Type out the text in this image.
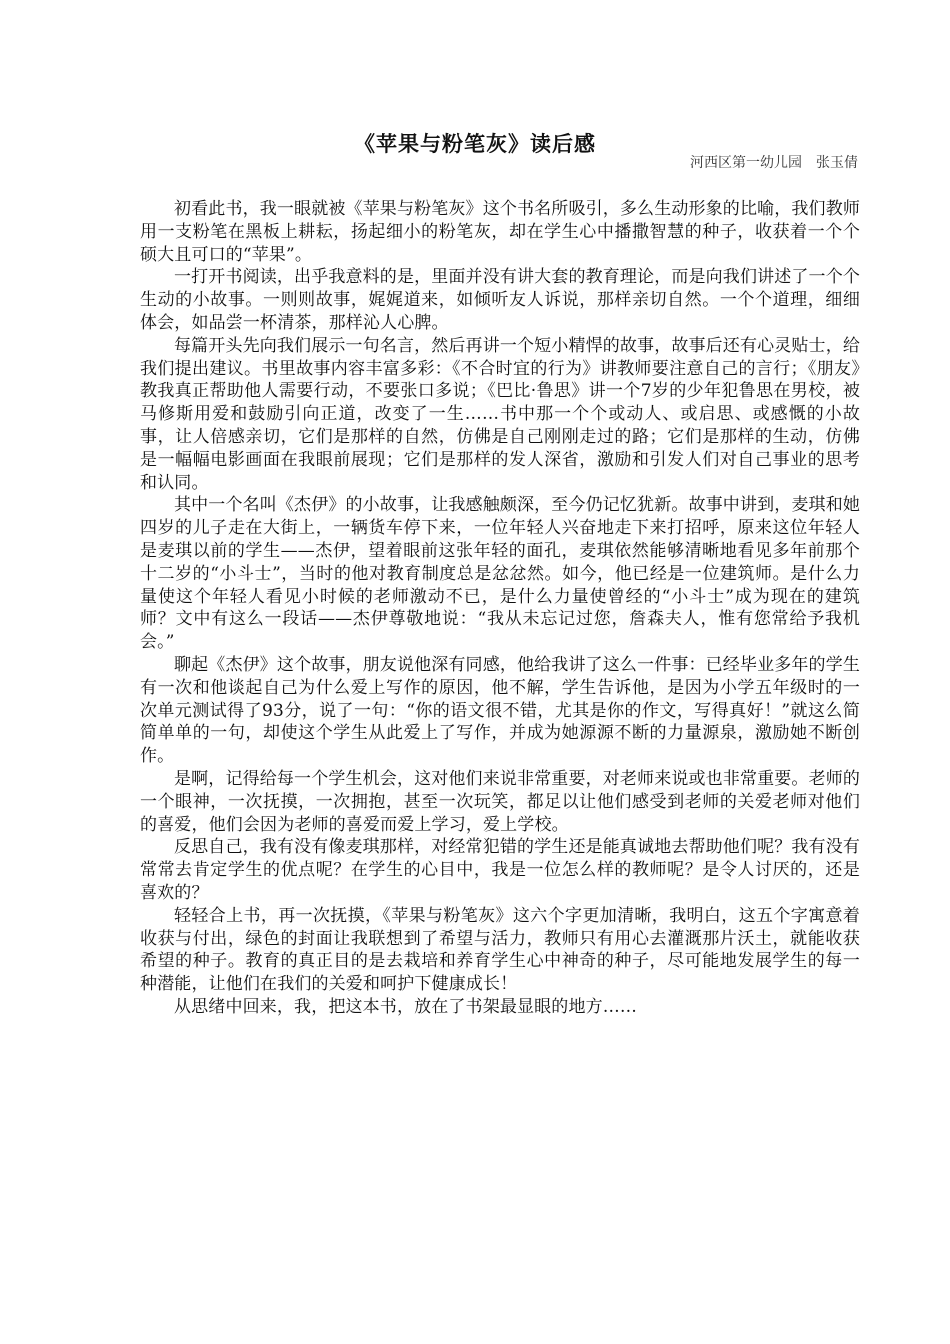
《苹果与粉笔灰》读后感

河西区第一幼儿园　张玉倩

初看此书，我一眼就被《苹果与粉笔灰》这个书名所吸引，多么生动形象的比喻，我们教师用一支粉笔在黑板上耕耘，扬起细小的粉笔灰，却在学生心中播撒智慧的种子，收获着一个个硕大且可口的“苹果”。

一打开书阅读，出乎我意料的是，里面并没有讲大套的教育理论，而是向我们讲述了一个个生动的小故事。一则则故事，娓娓道来，如倾听友人诉说，那样亲切自然。一个个道理，细细体会，如品尝一杯清茶，那样沁人心脾。

每篇开头先向我们展示一句名言，然后再讲一个短小精悍的故事，故事后还有心灵贴士，给我们提出建议。书里故事内容丰富多彩：《不合时宜的行为》讲教师要注意自己的言行；《朋友》教我真正帮助他人需要行动，不要张口多说；《巴比·鲁思》讲一个7岁的少年犯鲁思在男校，被马修斯用爱和鼓励引向正道，改变了一生……书中那一个个或动人、或启思、或感慨的小故事，让人倍感亲切，它们是那样的自然，仿佛是自己刚刚走过的路；它们是那样的生动，仿佛是一幅幅电影画面在我眼前展现；它们是那样的发人深省，激励和引发人们对自己事业的思考和认同。

其中一个名叫《杰伊》的小故事，让我感触颇深，至今仍记忆犹新。故事中讲到，麦琪和她四岁的儿子走在大街上，一辆货车停下来，一位年轻人兴奋地走下来打招呼，原来这位年轻人是麦琪以前的学生——杰伊，望着眼前这张年轻的面孔，麦琪依然能够清晰地看见多年前那个十二岁的“小斗士”，当时的他对教育制度总是忿忿然。如今，他已经是一位建筑师。是什么力量使这个年轻人看见小时候的老师激动不已，是什么力量使曾经的“小斗士”成为现在的建筑师？文中有这么一段话——杰伊尊敬地说：“我从未忘记过您，詹森夫人，惟有您常给予我机会。”

聊起《杰伊》这个故事，朋友说他深有同感，他给我讲了这么一件事：已经毕业多年的学生有一次和他谈起自己为什么爱上写作的原因，他不解，学生告诉他，是因为小学五年级时的一次单元测试得了93分，说了一句：“你的语文很不错，尤其是你的作文，写得真好！”就这么简简单单的一句，却使这个学生从此爱上了写作，并成为她源源不断的力量源泉，激励她不断创作。

是啊，记得给每一个学生机会，这对他们来说非常重要，对老师来说或也非常重要。老师的一个眼神，一次抚摸，一次拥抱，甚至一次玩笑，都足以让他们感受到老师的关爱老师对他们的喜爱，他们会因为老师的喜爱而爱上学习，爱上学校。

反思自己，我有没有像麦琪那样，对经常犯错的学生还是能真诚地去帮助他们呢？我有没有常常去肯定学生的优点呢？在学生的心目中，我是一位怎么样的教师呢？是令人讨厌的，还是喜欢的？

轻轻合上书，再一次抚摸，《苹果与粉笔灰》这六个字更加清晰，我明白，这五个字寓意着收获与付出，绿色的封面让我联想到了希望与活力，教师只有用心去灌溉那片沃土，就能收获希望的种子。教育的真正目的是去栽培和养育学生心中神奇的种子，尽可能地发展学生的每一种潜能，让他们在我们的关爱和呵护下健康成长！

从思绪中回来，我，把这本书，放在了书架最显眼的地方……
